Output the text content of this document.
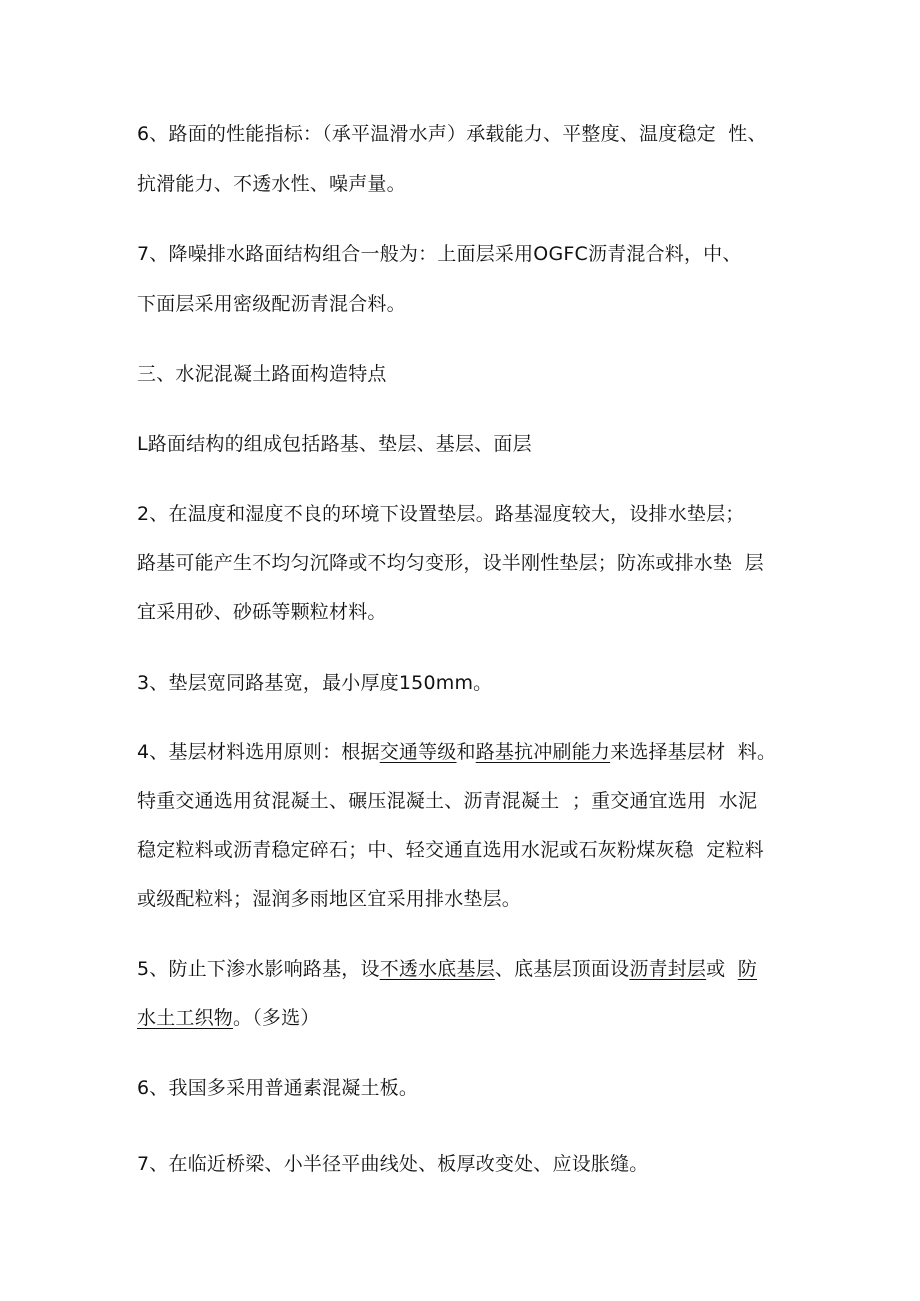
6、路面的性能指标：（承平温滑水声）承载能力、平整度、温度稳定  性、
抗滑能力、不透水性、噪声量。
7、降噪排水路面结构组合一般为：上面层采用OGFC沥青混合料，中、
下面层采用密级配沥青混合料。
三、水泥混凝土路面构造特点
L路面结构的组成包括路基、垫层、基层、面层
2、在温度和湿度不良的环境下设置垫层。路基湿度较大，设排水垫层；
路基可能产生不均匀沉降或不均匀变形，设半刚性垫层；防冻或排水垫  层
宜采用砂、砂砾等颗粒材料。
3、垫层宽同路基宽，最小厚度150mm。
4、基层材料选用原则：根据交通等级和路基抗冲刷能力来选择基层材  料。
特重交通选用贫混凝土、碾压混凝土、沥青混凝土  ；重交通宜选用  水泥
稳定粒料或沥青稳定碎石；中、轻交通直选用水泥或石灰粉煤灰稳  定粒料
或级配粒料；湿润多雨地区宜采用排水垫层。
5、防止下渗水影响路基，设不透水底基层、底基层顶面设沥青封层或  防
水土工织物。（多选）
6、我国多采用普通素混凝土板。
7、在临近桥梁、小半径平曲线处、板厚改变处、应设胀缝。
